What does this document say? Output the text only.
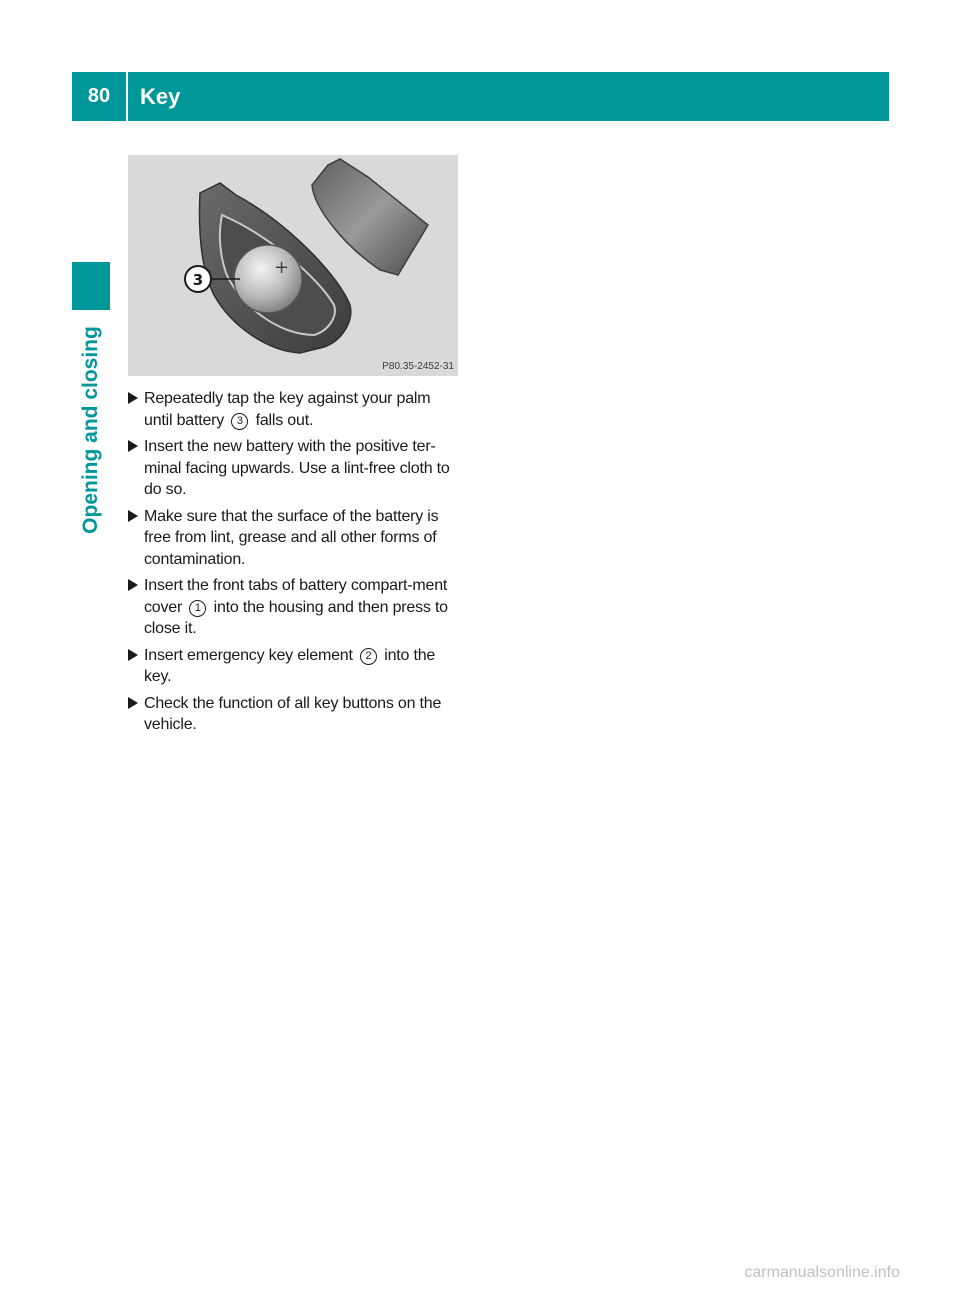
80	Key
Opening and closing
+
3
P80.35-2452-31
Repeatedly tap the key against your palm until battery 3 falls out.
Insert the new battery with the positive ter-minal facing upwards. Use a lint-free cloth to do so.
Make sure that the surface of the battery is free from lint, grease and all other forms of contamination.
Insert the front tabs of battery compart-ment cover 1 into the housing and then press to close it.
Insert emergency key element 2 into the key.
Check the function of all key buttons on the vehicle.
carmanualsonline.info
